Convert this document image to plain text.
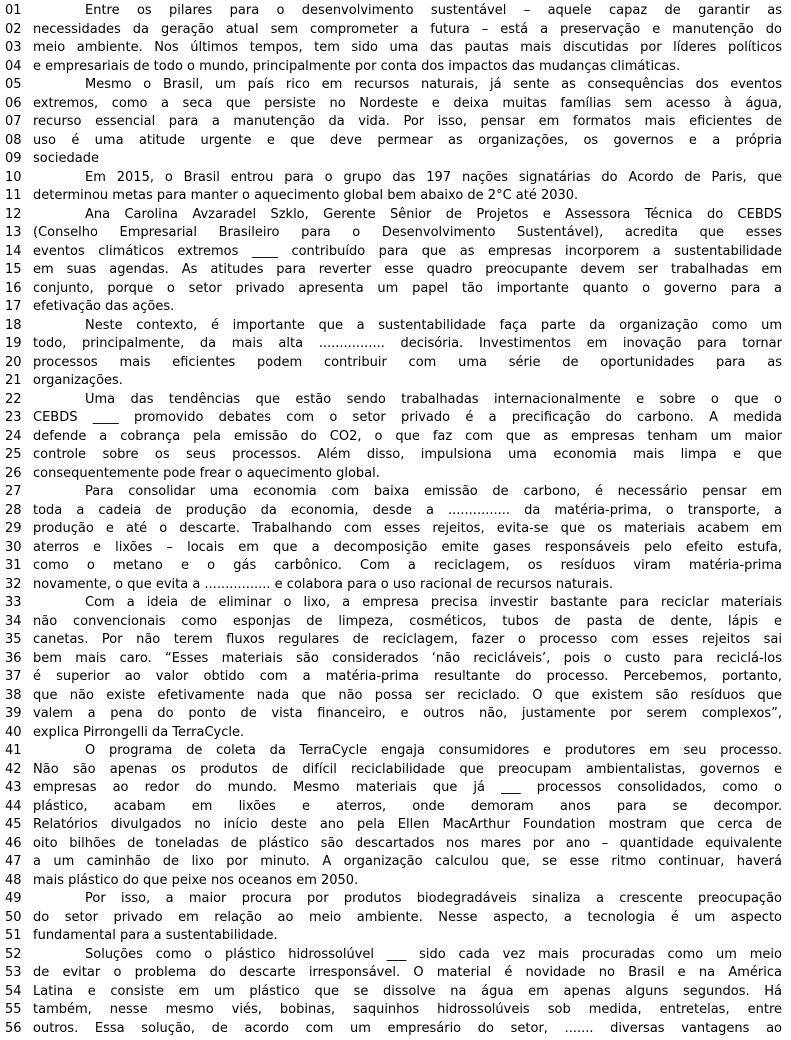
01	Entre os pilares para o desenvolvimento sustentável – aquele capaz de garantir as
02 necessidades da geração atual sem comprometer a futura – está a preservação e manutenção do
03 meio ambiente. Nos últimos tempos, tem sido uma das pautas mais discutidas por líderes políticos
04 e empresariais de todo o mundo, principalmente por conta dos impactos das mudanças climáticas.
05	Mesmo o Brasil, um país rico em recursos naturais, já sente as consequências dos eventos
06 extremos, como a seca que persiste no Nordeste e deixa muitas famílias sem acesso à água,
07 recurso essencial para a manutenção da vida. Por isso, pensar em formatos mais eficientes de
08 uso é uma atitude urgente e que deve permear as organizações, os governos e a própria
09 sociedade
10	Em 2015, o Brasil entrou para o grupo das 197 nações signatárias do Acordo de Paris, que
11 determinou metas para manter o aquecimento global bem abaixo de 2°C até 2030.
12	Ana Carolina Avzaradel Szklo, Gerente Sênior de Projetos e Assessora Técnica do CEBDS
13 (Conselho Empresarial Brasileiro para o Desenvolvimento Sustentável), acredita que esses
14 eventos climáticos extremos ____ contribuído para que as empresas incorporem a sustentabilidade
15 em suas agendas. As atitudes para reverter esse quadro preocupante devem ser trabalhadas em
16 conjunto, porque o setor privado apresenta um papel tão importante quanto o governo para a
17 efetivação das ações.
18	Neste contexto, é importante que a sustentabilidade faça parte da organização como um
19 todo, principalmente, da mais alta ................ decisória. Investimentos em inovação para tornar
20 processos mais eficientes podem contribuir com uma série de oportunidades para as
21 organizações.
22	Uma das tendências que estão sendo trabalhadas internacionalmente e sobre o que o
23 CEBDS ____ promovido debates com o setor privado é a precificação do carbono. A medida
24 defende a cobrança pela emissão do CO2, o que faz com que as empresas tenham um maior
25 controle sobre os seus processos. Além disso, impulsiona uma economia mais limpa e que
26 consequentemente pode frear o aquecimento global.
27	Para consolidar uma economia com baixa emissão de carbono, é necessário pensar em
28 toda a cadeia de produção da economia, desde a ............... da matéria-prima, o transporte, a
29 produção e até o descarte. Trabalhando com esses rejeitos, evita-se que os materiais acabem em
30 aterros e lixões – locais em que a decomposição emite gases responsáveis pelo efeito estufa,
31 como o metano e o gás carbônico. Com a reciclagem, os resíduos viram matéria-prima
32 novamente, o que evita a ................ e colabora para o uso racional de recursos naturais.
33	Com a ideia de eliminar o lixo, a empresa precisa investir bastante para reciclar materiais
34 não convencionais como esponjas de limpeza, cosméticos, tubos de pasta de dente, lápis e
35 canetas. Por não terem fluxos regulares de reciclagem, fazer o processo com esses rejeitos sai
36 bem mais caro. “Esses materiais são considerados ‘não recicláveis’, pois o custo para reciclá-los
37 é superior ao valor obtido com a matéria-prima resultante do processo. Percebemos, portanto,
38 que não existe efetivamente nada que não possa ser reciclado. O que existem são resíduos que
39 valem a pena do ponto de vista financeiro, e outros não, justamente por serem complexos”,
40 explica Pirrongelli da TerraCycle.
41	O programa de coleta da TerraCycle engaja consumidores e produtores em seu processo.
42 Não são apenas os produtos de difícil reciclabilidade que preocupam ambientalistas, governos e
43 empresas ao redor do mundo. Mesmo materiais que já ___ processos consolidados, como o
44 plástico, acabam em lixões e aterros, onde demoram anos para se decompor.
45 Relatórios divulgados no início deste ano pela Ellen MacArthur Foundation mostram que cerca de
46 oito bilhões de toneladas de plástico são descartados nos mares por ano – quantidade equivalente
47 a um caminhão de lixo por minuto. A organização calculou que, se esse ritmo continuar, haverá
48 mais plástico do que peixe nos oceanos em 2050.
49	Por isso, a maior procura por produtos biodegradáveis sinaliza a crescente preocupação
50 do setor privado em relação ao meio ambiente. Nesse aspecto, a tecnologia é um aspecto
51 fundamental para a sustentabilidade.
52	Soluções como o plástico hidrossolúvel ___ sido cada vez mais procuradas como um meio
53 de evitar o problema do descarte irresponsável. O material é novidade no Brasil e na América
54 Latina e consiste em um plástico que se dissolve na água em apenas alguns segundos. Há
55 também, nesse mesmo viés, bobinas, saquinhos hidrossolúveis sob medida, entretelas, entre
56 outros. Essa solução, de acordo com um empresário do setor, ....... diversas vantagens ao
